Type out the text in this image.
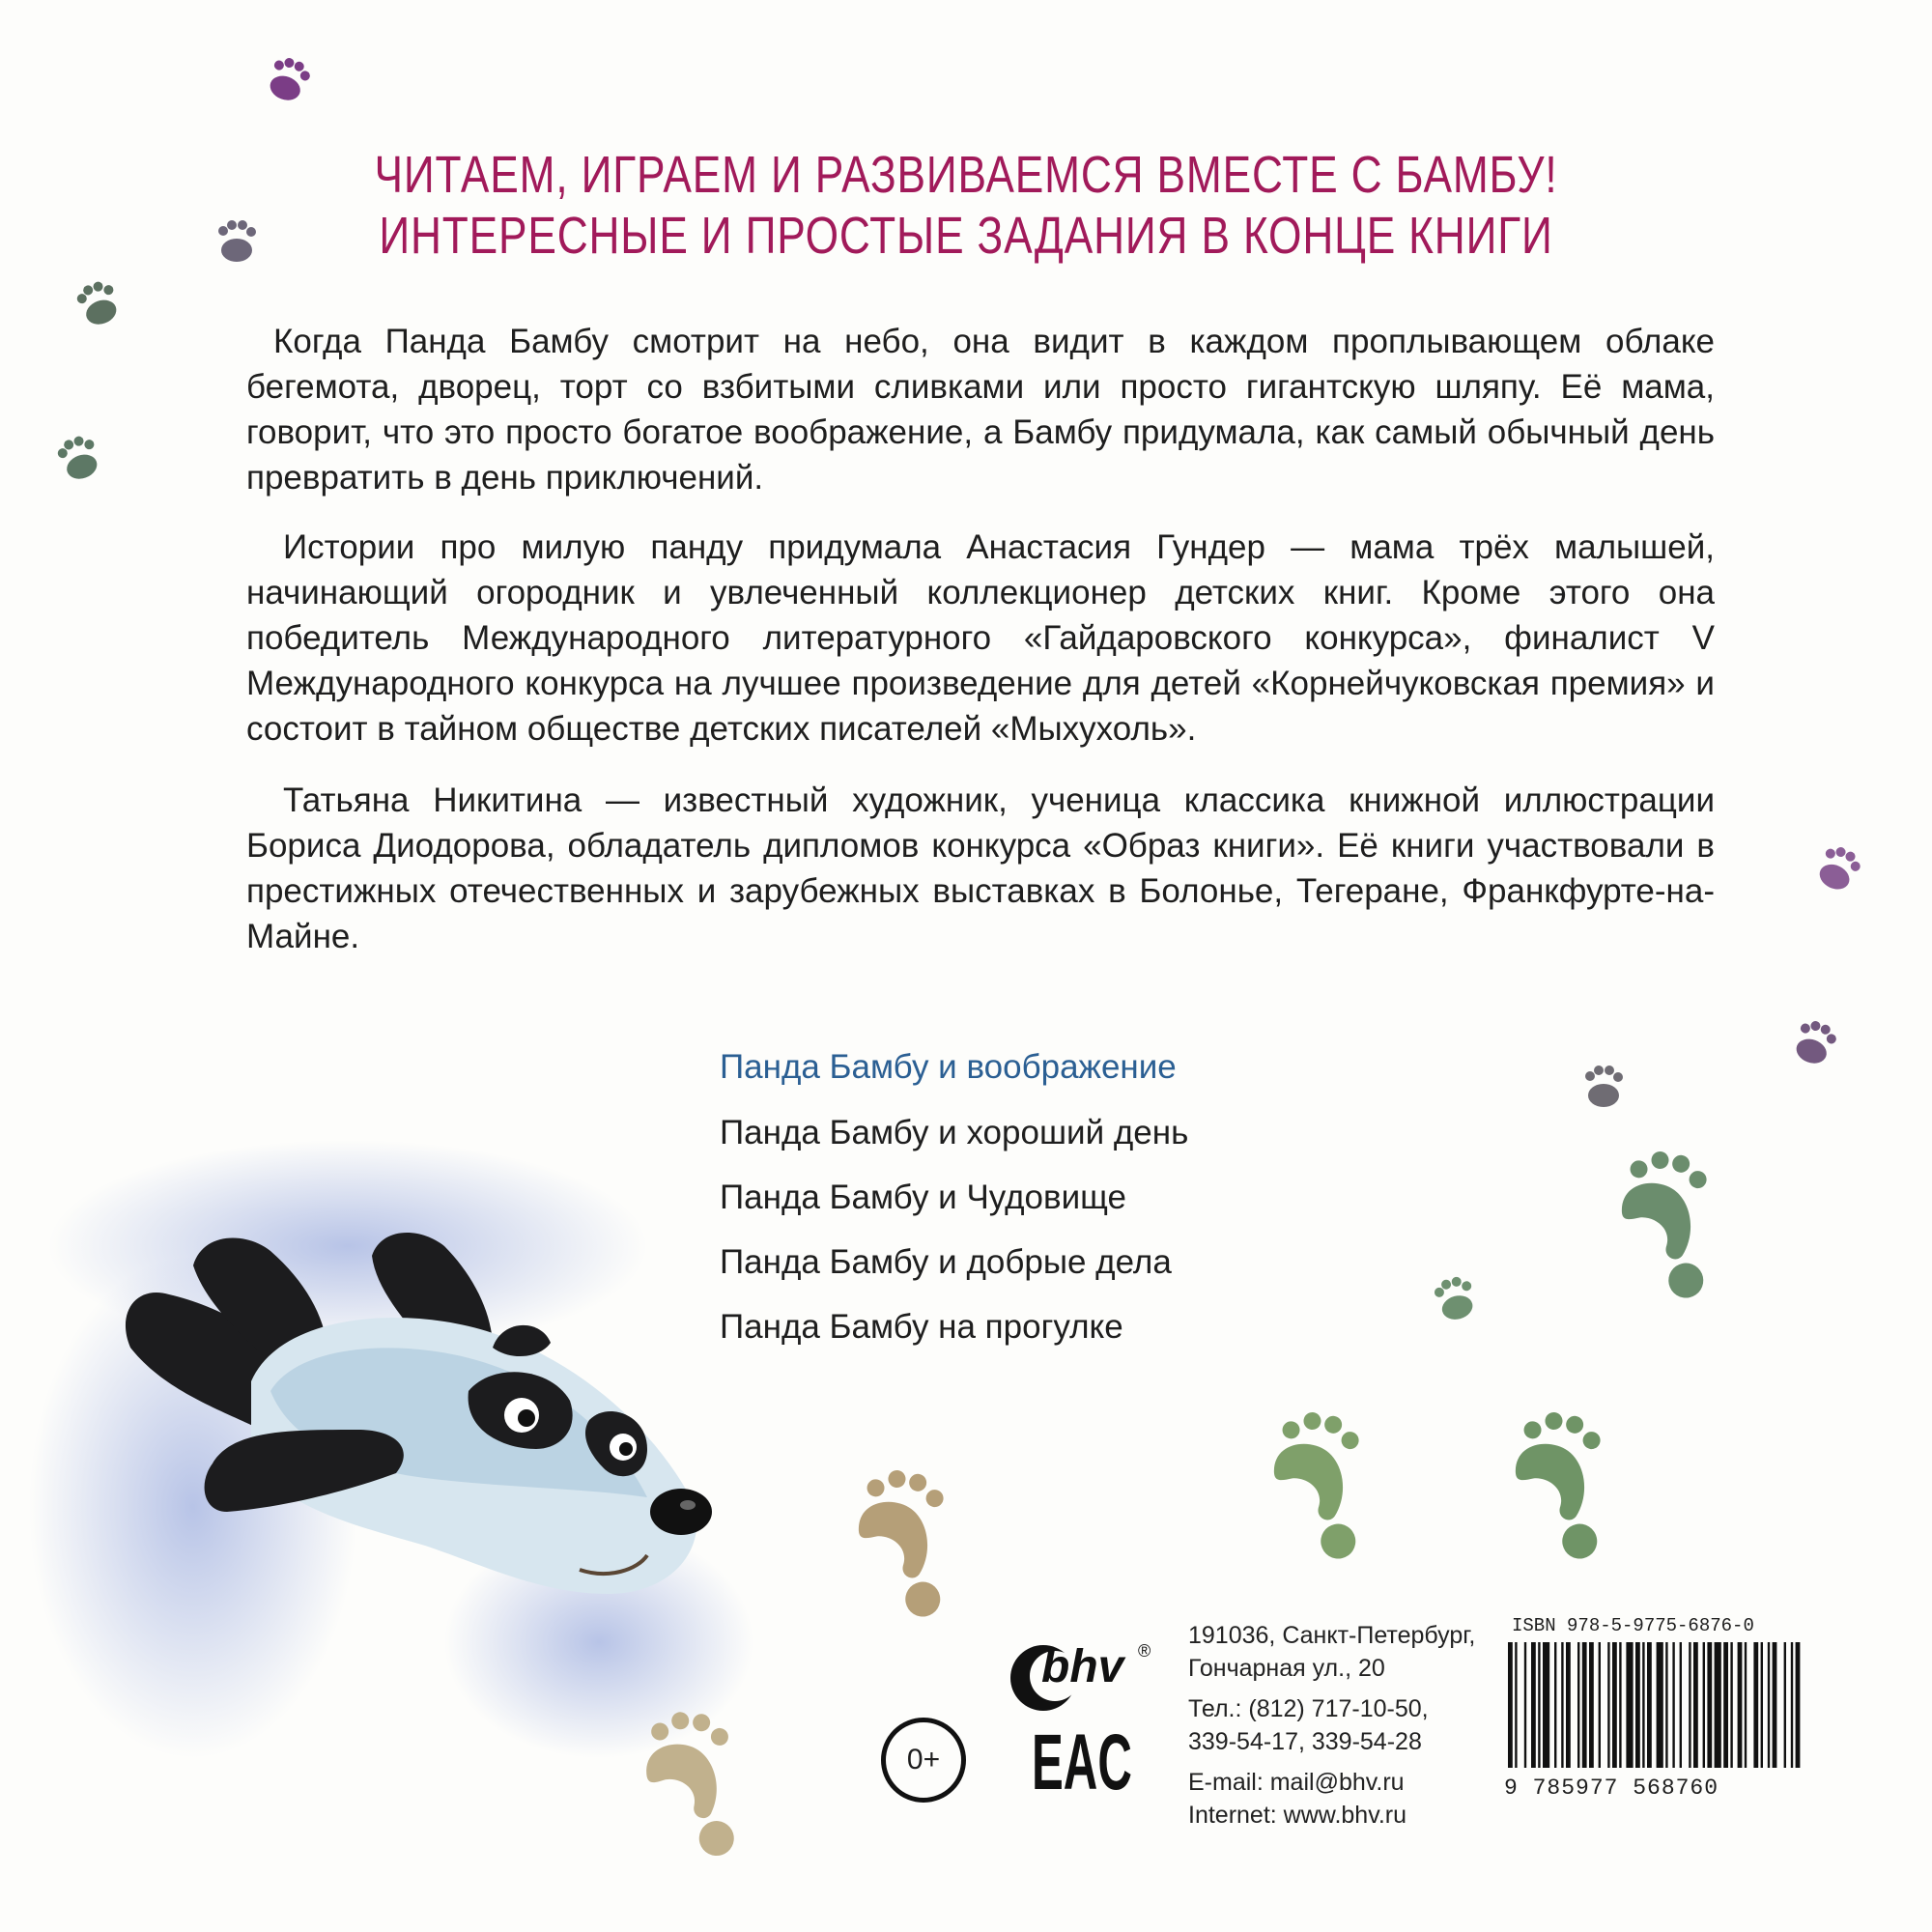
ЧИТАЕМ, ИГРАЕМ И РАЗВИВАЕМСЯ ВМЕСТЕ С БАМБУ!
ИНТЕРЕСНЫЕ И ПРОСТЫЕ ЗАДАНИЯ В КОНЦЕ КНИГИ

Когда Панда Бамбу смотрит на небо, она видит в каждом проплывающем облаке бегемота, дворец, торт со взбитыми сливками или просто гигантскую шляпу. Её мама, говорит, что это просто богатое воображение, а Бамбу придумала, как самый обычный день превратить в день приключений.

Истории про милую панду придумала Анастасия Гундер — мама трёх малышей, начинающий огородник и увлеченный коллекционер детских книг. Кроме этого она победитель Международного литературного «Гайдаровского конкурса», финалист V Международного конкурса на лучшее произведение для детей «Корнейчуковская премия» и состоит в тайном обществе детских писателей «Мыхухоль».

Татьяна Никитина — известный художник, ученица классика книжной иллюстрации Бориса Диодорова, обладатель дипломов конкурса «Образ книги». Её книги участвовали в престижных отечественных и зарубежных выставках в Болонье, Тегеране, Франкфурте-на-Майне.

Панда Бамбу и воображение
Панда Бамбу и хороший день
Панда Бамбу и Чудовище
Панда Бамбу и добрые дела
Панда Бамбу на прогулке
bhv ®
0+	EAC
191036, Санкт-Петербург,
Гончарная ул., 20
Тел.: (812) 717-10-50,
339-54-17, 339-54-28
E-mail: mail@bhv.ru
Internet: www.bhv.ru
ISBN 978-5-9775-6876-0
9 785977 568760
